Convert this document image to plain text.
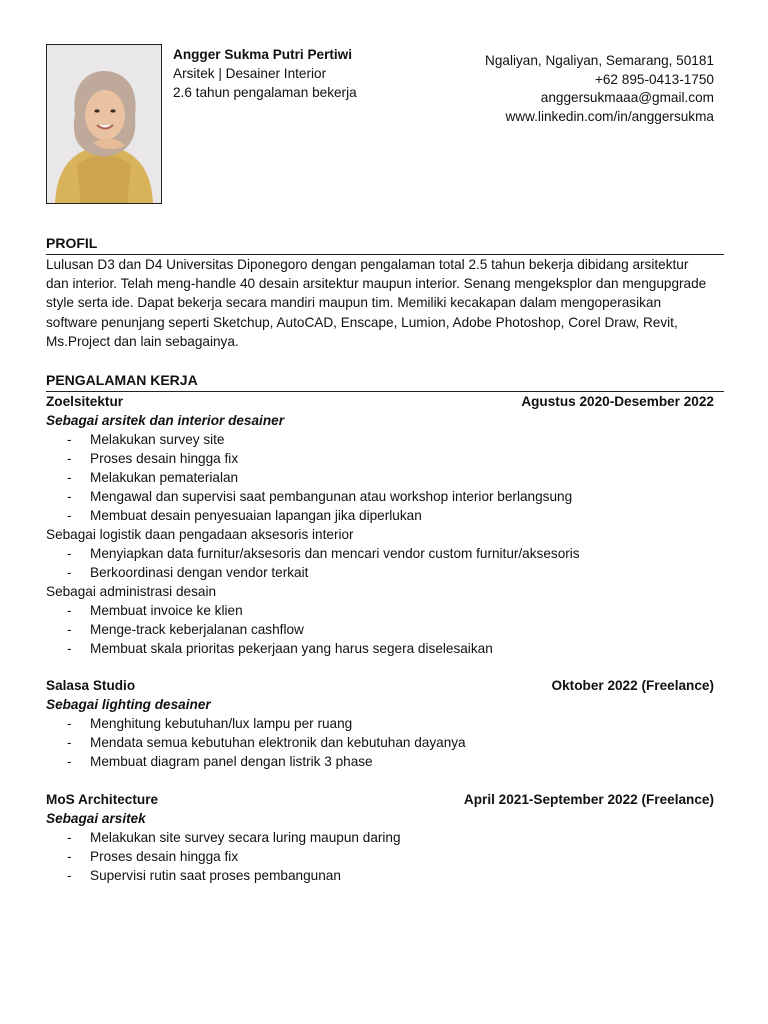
Angger Sukma Putri Pertiwi
Arsitek | Desainer Interior
2.6 tahun pengalaman bekerja
Ngaliyan, Ngaliyan, Semarang, 50181
+62 895-0413-1750
anggersukmaaa@gmail.com
www.linkedin.com/in/anggersukma
PROFIL
Lulusan D3 dan D4 Universitas Diponegoro dengan pengalaman total 2.5 tahun bekerja dibidang arsitektur
dan interior. Telah meng-handle 40 desain arsitektur maupun interior. Senang mengeksplor dan mengupgrade
style serta ide. Dapat bekerja secara mandiri maupun tim. Memiliki kecakapan dalam mengoperasikan
software penunjang seperti Sketchup, AutoCAD, Enscape, Lumion, Adobe Photoshop, Corel Draw, Revit,
Ms.Project dan lain sebagainya.
PENGALAMAN KERJA
Zoelsitektur	Agustus 2020-Desember 2022
Sebagai arsitek dan interior desainer
- Melakukan survey site
- Proses desain hingga fix
- Melakukan pematerialan
- Mengawal dan supervisi saat pembangunan atau workshop interior berlangsung
- Membuat desain penyesuaian lapangan jika diperlukan
Sebagai logistik daan pengadaan aksesoris interior
- Menyiapkan data furnitur/aksesoris dan mencari vendor custom furnitur/aksesoris
- Berkoordinasi dengan vendor terkait
Sebagai administrasi desain
- Membuat invoice ke klien
- Menge-track keberjalanan cashflow
- Membuat skala prioritas pekerjaan yang harus segera diselesaikan
Salasa Studio	Oktober 2022 (Freelance)
Sebagai lighting desainer
- Menghitung kebutuhan/lux lampu per ruang
- Mendata semua kebutuhan elektronik dan kebutuhan dayanya
- Membuat diagram panel dengan listrik 3 phase
MoS Architecture	April 2021-September 2022 (Freelance)
Sebagai arsitek
- Melakukan site survey secara luring maupun daring
- Proses desain hingga fix
- Supervisi rutin saat proses pembangunan
